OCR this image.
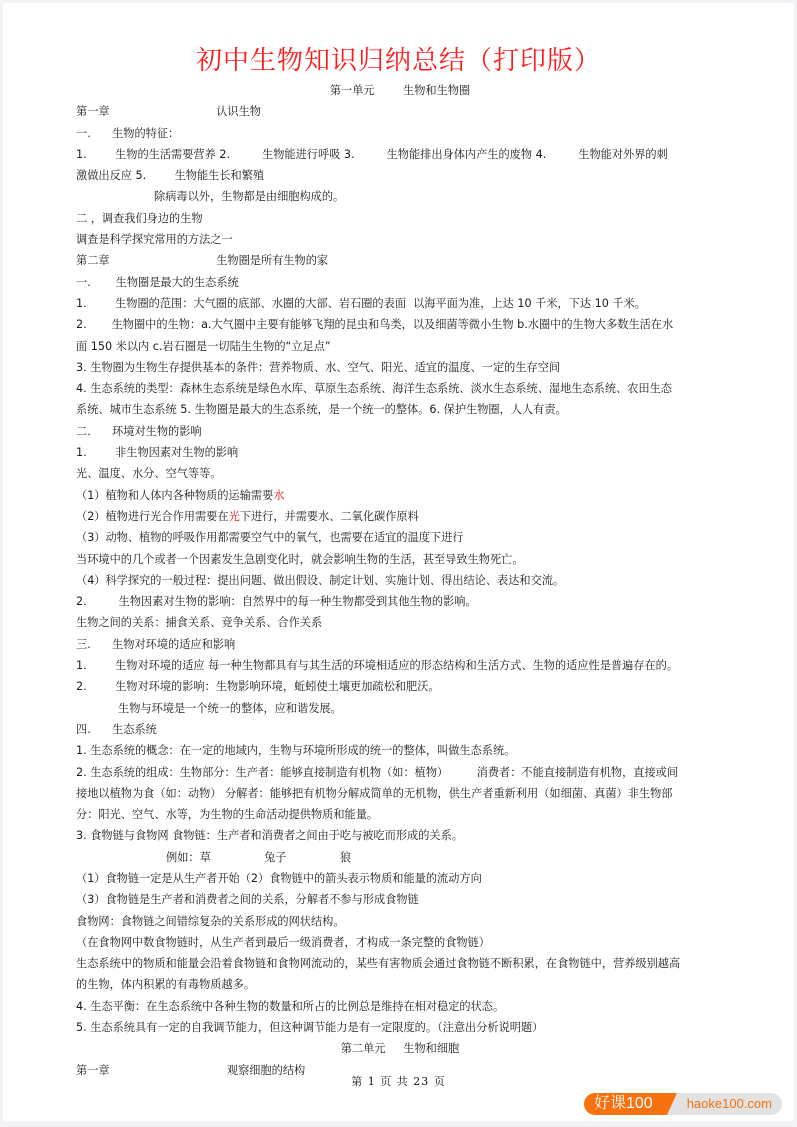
初中生物知识归纳总结（打印版）

第一单元        生物和生物圈

第一章                              认识生物

一.      生物的特征：

1.        生物的生活需要营养 2.         生物能进行呼吸 3.         生物能排出身体内产生的废物 4.         生物能对外界的刺

激做出反应 5.        生物能生长和繁殖

除病毒以外，生物都是由细胞构成的。

二 ，调查我们身边的生物

调查是科学探究常用的方法之一

第二章                              生物圈是所有生物的家

一.       生物圈是最大的生态系统

1.        生物圈的范围：大气圈的底部、水圈的大部、岩石圈的表面  以海平面为准，上达 10 千米，下达 10 千米。

2.       生物圈中的生物：a.大气圈中主要有能够飞翔的昆虫和鸟类，以及细菌等微小生物 b.水圈中的生物大多数生活在水

面 150 米以内 c.岩石圈是一切陆生生物的“立足点”

3. 生物圈为生物生存提供基本的条件：营养物质、水、空气、阳光、适宜的温度、一定的生存空间

4. 生态系统的类型：森林生态系统是绿色水库、草原生态系统、海洋生态系统、淡水生态系统、湿地生态系统、农田生态

系统、城市生态系统 5. 生物圈是最大的生态系统，是一个统一的整体。6. 保护生物圈，人人有责。

二.      环境对生物的影响

1.        非生物因素对生物的影响

光、温度、水分、空气等等。

（1）植物和人体内各种物质的运输需要水

（2）植物进行光合作用需要在光下进行，并需要水、二氧化碳作原料

（3）动物、植物的呼吸作用都需要空气中的氧气，也需要在适宜的温度下进行

当环境中的几个或者一个因素发生急剧变化时，就会影响生物的生活，甚至导致生物死亡。

（4）科学探究的一般过程：提出问题、做出假设、制定计划、实施计划、得出结论、表达和交流。

2.         生物因素对生物的影响：自然界中的每一种生物都受到其他生物的影响。

生物之间的关系：捕食关系、竞争关系、合作关系

三.      生物对环境的适应和影响

1.        生物对环境的适应 每一种生物都具有与其生活的环境相适应的形态结构和生活方式、生物的适应性是普遍存在的。

2.        生物对环境的影响：生物影响环境，蚯蚓使土壤更加疏松和肥沃。

生物与环境是一个统一的整体，应和谐发展。

四.      生态系统

1. 生态系统的概念：在一定的地域内，生物与环境所形成的统一的整体，叫做生态系统。

2. 生态系统的组成：生物部分：生产者：能够直接制造有机物（如：植物）        消费者：不能直接制造有机物，直接或间

接地以植物为食（如：动物） 分解者：能够把有机物分解成简单的无机物，供生产者重新利用（如细菌、真菌）非生物部

分：阳光、空气、水等，为生物的生命活动提供物质和能量。

3. 食物链与食物网 食物链：生产者和消费者之间由于吃与被吃而形成的关系。

例如：草               兔子               狼

（1）食物链一定是从生产者开始（2）食物链中的箭头表示物质和能量的流动方向

（3）食物链是生产者和消费者之间的关系，分解者不参与形成食物链

食物网：食物链之间错综复杂的关系形成的网状结构。

（在食物网中数食物链时，从生产者到最后一级消费者，才构成一条完整的食物链）

生态系统中的物质和能量会沿着食物链和食物网流动的，某些有害物质会通过食物链不断积累，在食物链中，营养级别越高

的生物，体内积累的有毒物质越多。

4. 生态平衡：在生态系统中各种生物的数量和所占的比例总是维持在相对稳定的状态。

5. 生态系统具有一定的自我调节能力，但这种调节能力是有一定限度的。（注意出分析说明题）

第二单元     生物和细胞

第一章                                 观察细胞的结构

第 1 页 共 23 页
好课100	haoke100.com
